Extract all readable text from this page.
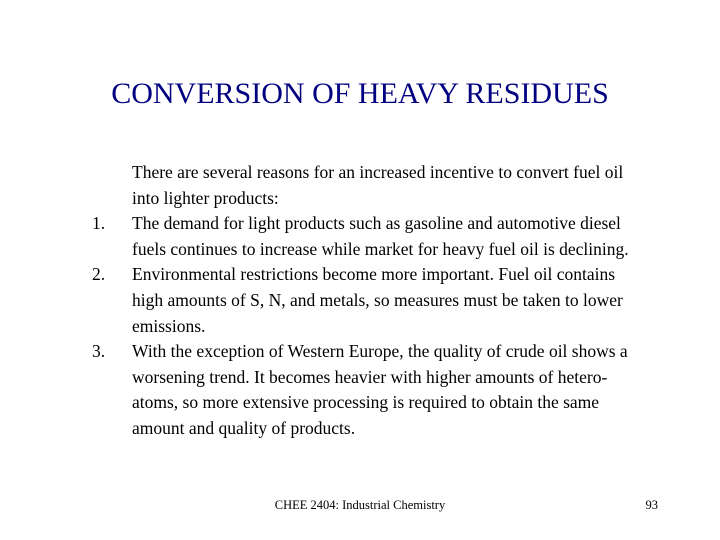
CONVERSION OF HEAVY RESIDUES
There are several reasons for an increased incentive to convert fuel oil into lighter products:
1. The demand for light products such as gasoline and automotive diesel fuels continues to increase while market for heavy fuel oil is declining.
2. Environmental restrictions become more important. Fuel oil contains high amounts of S, N, and metals, so measures must be taken to lower emissions.
3. With the exception of Western Europe, the quality of crude oil shows a worsening trend. It becomes heavier with higher amounts of hetero-atoms, so more extensive processing is required to obtain the same amount and quality of products.
CHEE 2404: Industrial Chemistry	93
